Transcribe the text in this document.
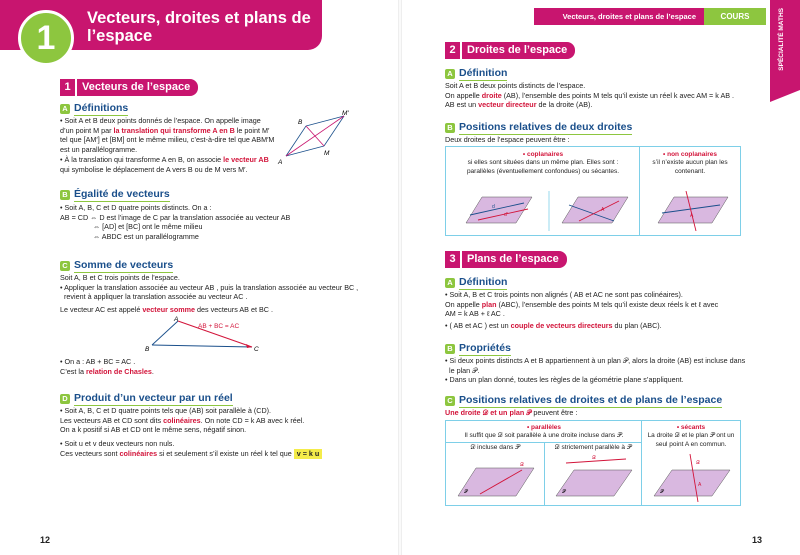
1
Vecteurs, droites et plans de l’espace
1	Vecteurs de l’espace
A Définitions
• Soit A et B deux points donnés de l’espace. On appelle image d’un point M par la translation qui transforme A en B le point M′ tel que [AM′] et [BM] ont le même milieu, c’est-à-dire tel que ABM′M est un parallélogramme.
• À la translation qui transforme A en B, on associe le vecteur AB qui symbolise le déplacement de A vers B ou de M vers M′.
B
M′
A
M
B Égalité de vecteurs
• Soit A, B, C et D quatre points distincts. On a :
AB = CD ⇔ D est l’image de C par la translation associée au vecteur AB
⇔ [AD] et [BC] ont le même milieu
⇔ ABDC est un parallélogramme
C Somme de vecteurs
Soit A, B et C trois points de l’espace.
• Appliquer la translation associée au vecteur AB , puis la translation associée au vecteur BC ,
revient à appliquer la translation associée au vecteur AC .
Le vecteur AC est appelé vecteur somme des vecteurs AB et BC .
A
B	C
AB + BC = AC
• On a : AB + BC = AC .
C’est la relation de Chasles.
D Produit d’un vecteur par un réel
• Soit A, B, C et D quatre points tels que (AB) soit parallèle à (CD).
Les vecteurs AB et CD sont dits colinéaires. On note CD = k AB avec k réel.
On a k positif si AB et CD ont le même sens, négatif sinon.
• Soit u et v deux vecteurs non nuls.
Ces vecteurs sont colinéaires si et seulement s’il existe un réel k tel que v = k u
12
Vecteurs, droites et plans de l’espace	COURS	SPÉCIALITÉ MATHS
2	Droites de l’espace
A Définition
Soit A et B deux points distincts de l’espace.
On appelle droite (AB), l’ensemble des points M tels qu’il existe un réel k avec AM = k AB .
AB est un vecteur directeur de la droite (AB).
B Positions relatives de deux droites
Deux droites de l’espace peuvent être :
• coplanaires
si elles sont situées dans un même plan. Elles sont : parallèles (éventuellement confondues) ou sécantes.
d
d′
A
• non coplanaires
s’il n’existe aucun plan les contenant.
A
3	Plans de l’espace
A Définition
• Soit A, B et C trois points non alignés ( AB et AC ne sont pas colinéaires).
On appelle plan (ABC), l’ensemble des points M tels qu’il existe deux réels k et ℓ avec
AM = k AB + ℓ AC .
• ( AB et AC ) est un couple de vecteurs directeurs du plan (ABC).
B Propriétés
• Si deux points distincts A et B appartiennent à un plan 𝒫, alors la droite (AB) est incluse dans
le plan 𝒫.
• Dans un plan donné, toutes les règles de la géométrie plane s’appliquent.
C Positions relatives de droites et de plans de l’espace
Une droite 𝒟 et un plan 𝒫 peuvent être :
• parallèles
Il suffit que 𝒟 soit parallèle à une droite incluse dans 𝒫.
𝒟 incluse dans 𝒫	𝒟 strictement parallèle à 𝒫
𝒟
𝒫
𝒟
𝒫
• sécants
La droite 𝒟 et le plan 𝒫 ont un seul point A en commun.
𝒟
A
𝒫
13
